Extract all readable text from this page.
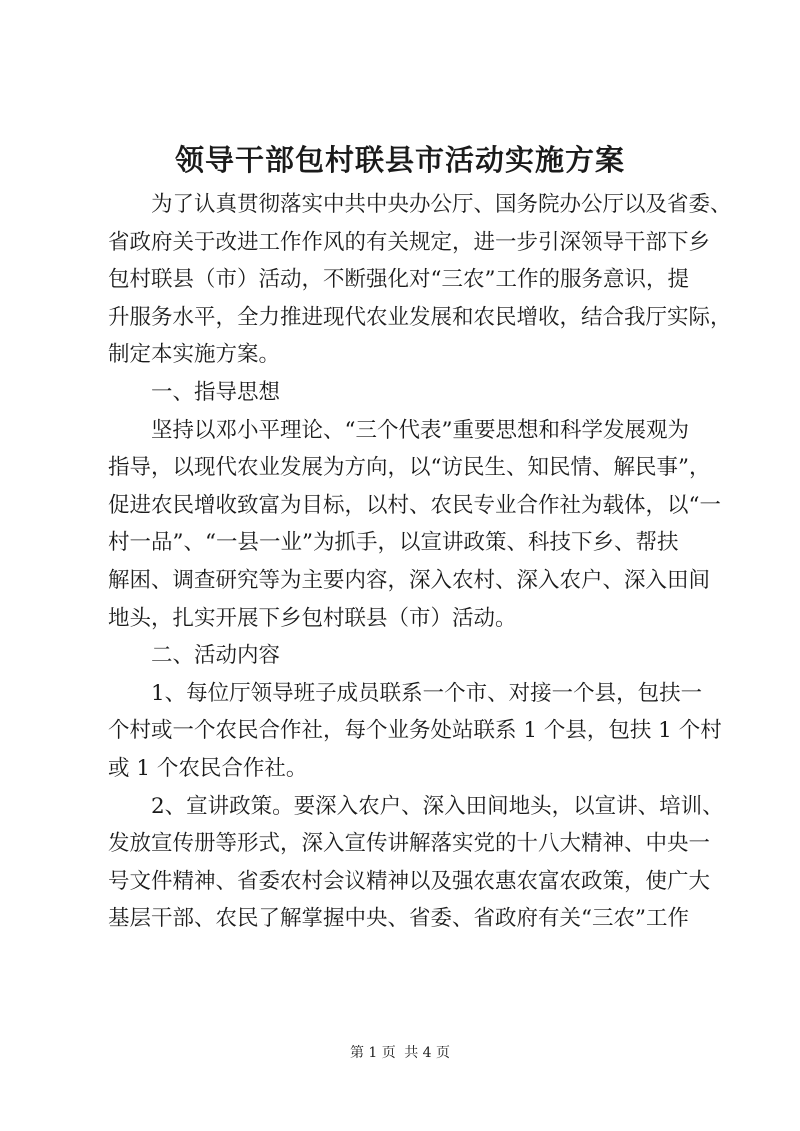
领导干部包村联县市活动实施方案
为了认真贯彻落实中共中央办公厅、国务院办公厅以及省委、
省政府关于改进工作作风的有关规定，进一步引深领导干部下乡
包村联县（市）活动，不断强化对“三农”工作的服务意识，提
升服务水平，全力推进现代农业发展和农民增收，结合我厅实际，
制定本实施方案。
一、指导思想
坚持以邓小平理论、“三个代表”重要思想和科学发展观为
指导，以现代农业发展为方向，以“访民生、知民情、解民事”，
促进农民增收致富为目标，以村、农民专业合作社为载体，以“一
村一品”、“一县一业”为抓手，以宣讲政策、科技下乡、帮扶
解困、调查研究等为主要内容，深入农村、深入农户、深入田间
地头，扎实开展下乡包村联县（市）活动。
二、活动内容
1、每位厅领导班子成员联系一个市、对接一个县，包扶一
个村或一个农民合作社，每个业务处站联系 1 个县，包扶 1 个村
或 1 个农民合作社。
2、宣讲政策。要深入农户、深入田间地头，以宣讲、培训、
发放宣传册等形式，深入宣传讲解落实党的十八大精神、中央一
号文件精神、省委农村会议精神以及强农惠农富农政策，使广大
基层干部、农民了解掌握中央、省委、省政府有关“三农”工作
第 1 页 共 4 页
